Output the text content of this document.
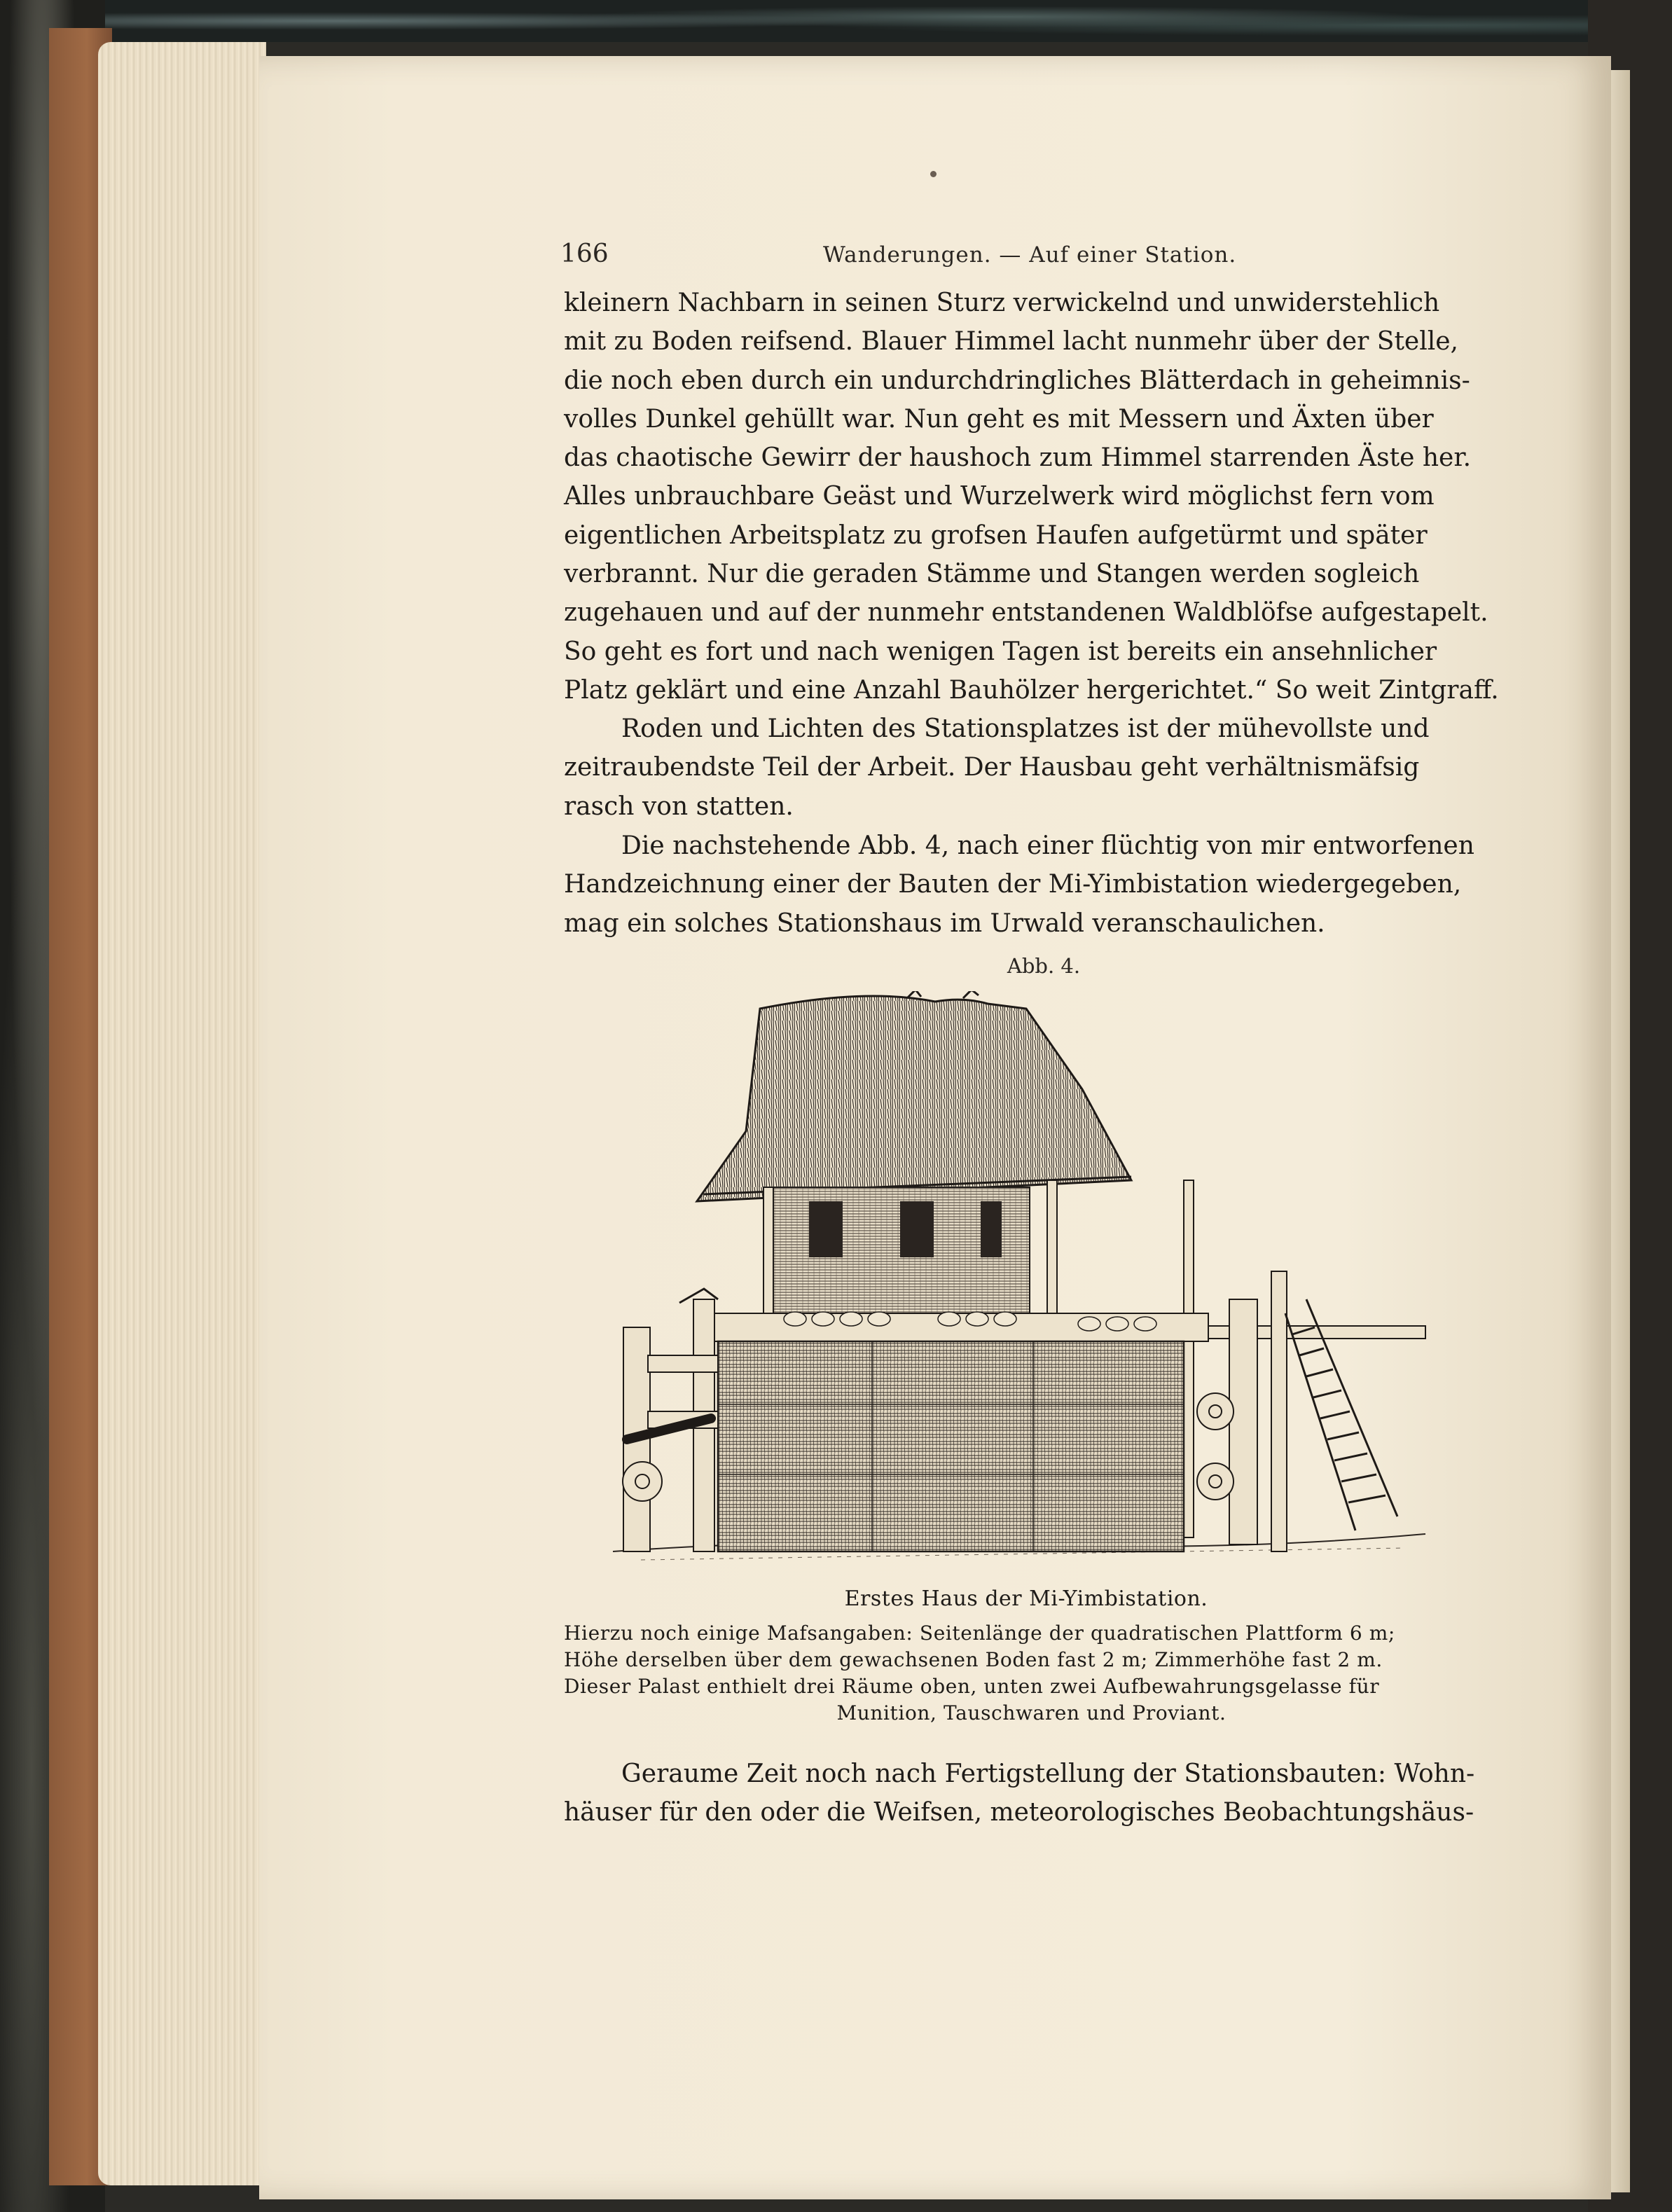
166	Wanderungen. — Auf einer Station.

kleinern Nachbarn in seinen Sturz verwickelnd und unwiderstehlich

mit zu Boden reifsend. Blauer Himmel lacht nunmehr über der Stelle,

die noch eben durch ein undurchdringliches Blätterdach in geheimnis-

volles Dunkel gehüllt war. Nun geht es mit Messern und Äxten über

das chaotische Gewirr der haushoch zum Himmel starrenden Äste her.

Alles unbrauchbare Geäst und Wurzelwerk wird möglichst fern vom

eigentlichen Arbeitsplatz zu grofsen Haufen aufgetürmt und später

verbrannt. Nur die geraden Stämme und Stangen werden sogleich

zugehauen und auf der nunmehr entstandenen Waldblöfse aufgestapelt.

So geht es fort und nach wenigen Tagen ist bereits ein ansehnlicher

Platz geklärt und eine Anzahl Bauhölzer hergerichtet.“ So weit Zintgraff.

Roden und Lichten des Stationsplatzes ist der mühevollste und

zeitraubendste Teil der Arbeit. Der Hausbau geht verhältnismäfsig

rasch von statten.

Die nachstehende Abb. 4, nach einer flüchtig von mir entworfenen

Handzeichnung einer der Bauten der Mi-Yimbistation wiedergegeben,

mag ein solches Stationshaus im Urwald veranschaulichen.

Abb. 4.
Erstes Haus der Mi-Yimbistation.

Hierzu noch einige Mafsangaben: Seitenlänge der quadratischen Plattform 6 m;

Höhe derselben über dem gewachsenen Boden fast 2 m; Zimmerhöhe fast 2 m.

Dieser Palast enthielt drei Räume oben, unten zwei Aufbewahrungsgelasse für

Munition, Tauschwaren und Proviant.

Geraume Zeit noch nach Fertigstellung der Stationsbauten: Wohn-

häuser für den oder die Weifsen, meteorologisches Beobachtungshäus-
